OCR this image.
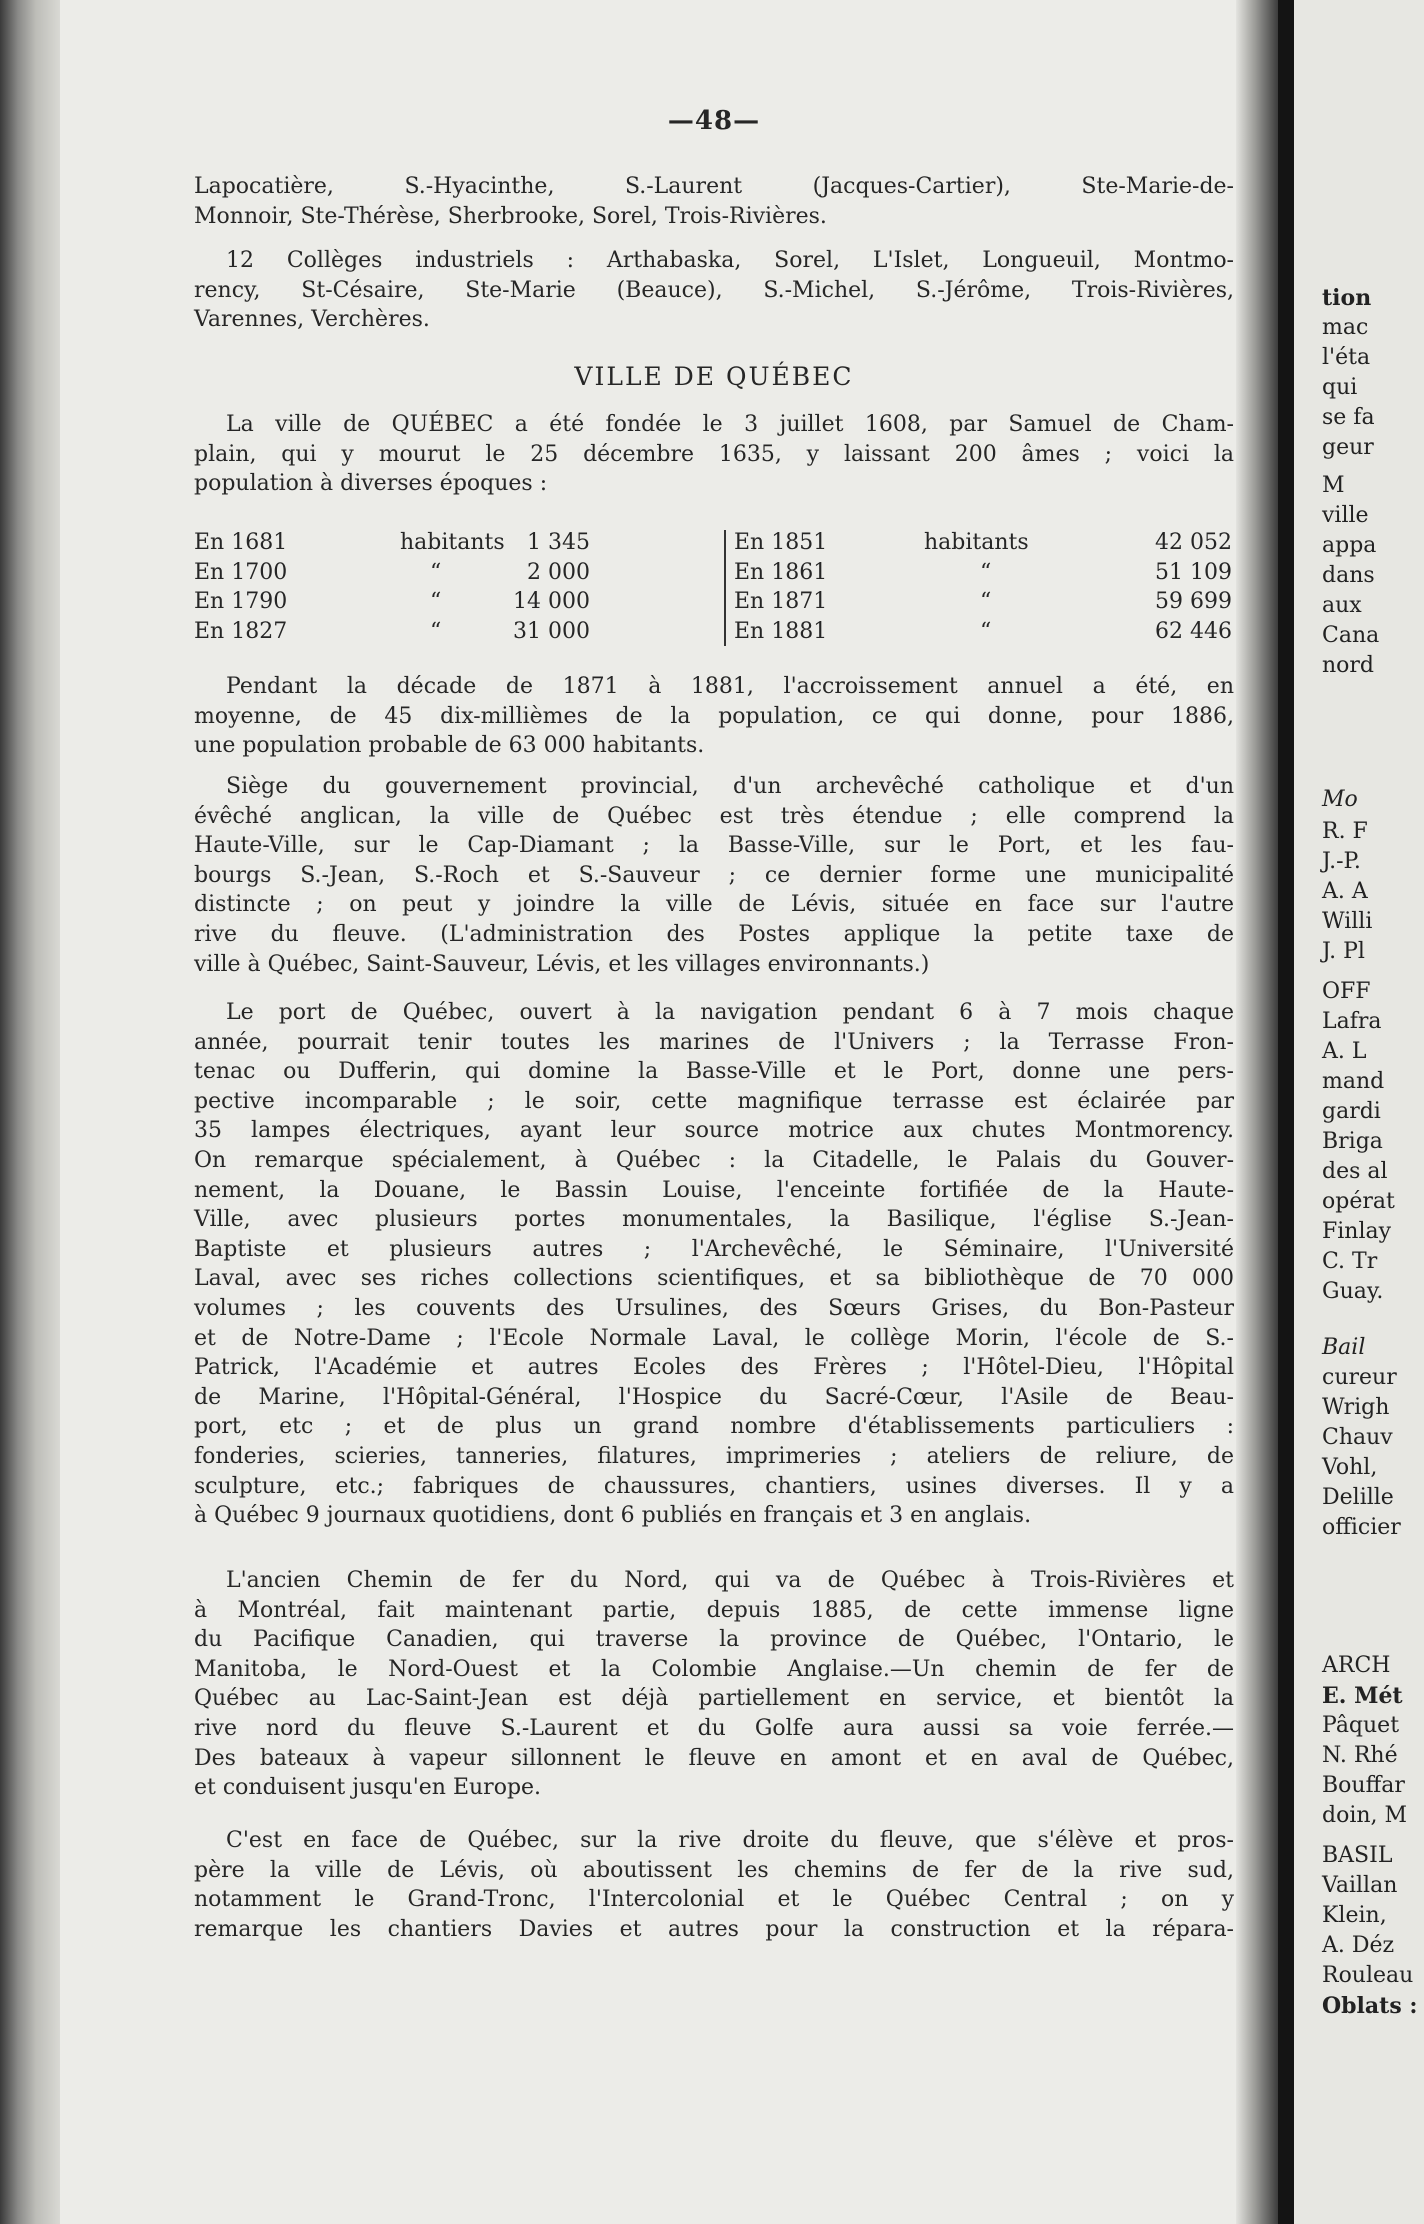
tion
mac
l'éta
qui
se fa
geur
M
ville
appa
dans
aux
Cana
nord
Mo
R. F
J.-P.
A. A
Willi
J. Pl
OFF
Lafra
A. L
mand
gardi
Briga
des al
opérat
Finlay
C. Tr
Guay.
Bail
cureur
Wrigh
Chauv
Vohl,
Delille
officier
ARCH
E. Mét
Pâquet
N. Rhé
Bouffar
doin, M
BASIL
Vaillan
Klein,
A. Déz
Rouleau
Oblats :
—48—
Lapocatière, S.-Hyacinthe, S.-Laurent (Jacques-Cartier), Ste-Marie-de-
Monnoir, Ste-Thérèse, Sherbrooke, Sorel, Trois-Rivières.
12 Collèges industriels : Arthabaska, Sorel, L'Islet, Longueuil, Montmo-
rency, St-Césaire, Ste-Marie (Beauce), S.-Michel, S.-Jérôme, Trois-Rivières,
Varennes, Verchères.
VILLE DE QUÉBEC
La ville de QUÉBEC a été fondée le 3 juillet 1608, par Samuel de Cham-
plain, qui y mourut le 25 décembre 1635, y laissant 200 âmes ; voici la
population à diverses époques :
En 1681	habitants	1 345	En 1851	habitants	42 052
En 1700	“	2 000	En 1861	“	51 109
En 1790	“	14 000	En 1871	“	59 699
En 1827	“	31 000	En 1881	“	62 446
Pendant la décade de 1871 à 1881, l'accroissement annuel a été, en
moyenne, de 45 dix-millièmes de la population, ce qui donne, pour 1886,
une population probable de 63 000 habitants.
Siège du gouvernement provincial, d'un archevêché catholique et d'un
évêché anglican, la ville de Québec est très étendue ; elle comprend la
Haute-Ville, sur le Cap-Diamant ; la Basse-Ville, sur le Port, et les fau-
bourgs S.-Jean, S.-Roch et S.-Sauveur ; ce dernier forme une municipalité
distincte ; on peut y joindre la ville de Lévis, située en face sur l'autre
rive du fleuve. (L'administration des Postes applique la petite taxe de
ville à Québec, Saint-Sauveur, Lévis, et les villages environnants.)
Le port de Québec, ouvert à la navigation pendant 6 à 7 mois chaque
année, pourrait tenir toutes les marines de l'Univers ; la Terrasse Fron-
tenac ou Dufferin, qui domine la Basse-Ville et le Port, donne une pers-
pective incomparable ; le soir, cette magnifique terrasse est éclairée par
35 lampes électriques, ayant leur source motrice aux chutes Montmorency.
On remarque spécialement, à Québec : la Citadelle, le Palais du Gouver-
nement, la Douane, le Bassin Louise, l'enceinte fortifiée de la Haute-
Ville, avec plusieurs portes monumentales, la Basilique, l'église S.-Jean-
Baptiste et plusieurs autres ; l'Archevêché, le Séminaire, l'Université
Laval, avec ses riches collections scientifiques, et sa bibliothèque de 70 000
volumes ; les couvents des Ursulines, des Sœurs Grises, du Bon-Pasteur
et de Notre-Dame ; l'Ecole Normale Laval, le collège Morin, l'école de S.-
Patrick, l'Académie et autres Ecoles des Frères ; l'Hôtel-Dieu, l'Hôpital
de Marine, l'Hôpital-Général, l'Hospice du Sacré-Cœur, l'Asile de Beau-
port, etc ; et de plus un grand nombre d'établissements particuliers :
fonderies, scieries, tanneries, filatures, imprimeries ; ateliers de reliure, de
sculpture, etc.; fabriques de chaussures, chantiers, usines diverses. Il y a
à Québec 9 journaux quotidiens, dont 6 publiés en français et 3 en anglais.
L'ancien Chemin de fer du Nord, qui va de Québec à Trois-Rivières et
à Montréal, fait maintenant partie, depuis 1885, de cette immense ligne
du Pacifique Canadien, qui traverse la province de Québec, l'Ontario, le
Manitoba, le Nord-Ouest et la Colombie Anglaise.—Un chemin de fer de
Québec au Lac-Saint-Jean est déjà partiellement en service, et bientôt la
rive nord du fleuve S.-Laurent et du Golfe aura aussi sa voie ferrée.—
Des bateaux à vapeur sillonnent le fleuve en amont et en aval de Québec,
et conduisent jusqu'en Europe.
C'est en face de Québec, sur la rive droite du fleuve, que s'élève et pros-
père la ville de Lévis, où aboutissent les chemins de fer de la rive sud,
notamment le Grand-Tronc, l'Intercolonial et le Québec Central ; on y
remarque les chantiers Davies et autres pour la construction et la répara-
